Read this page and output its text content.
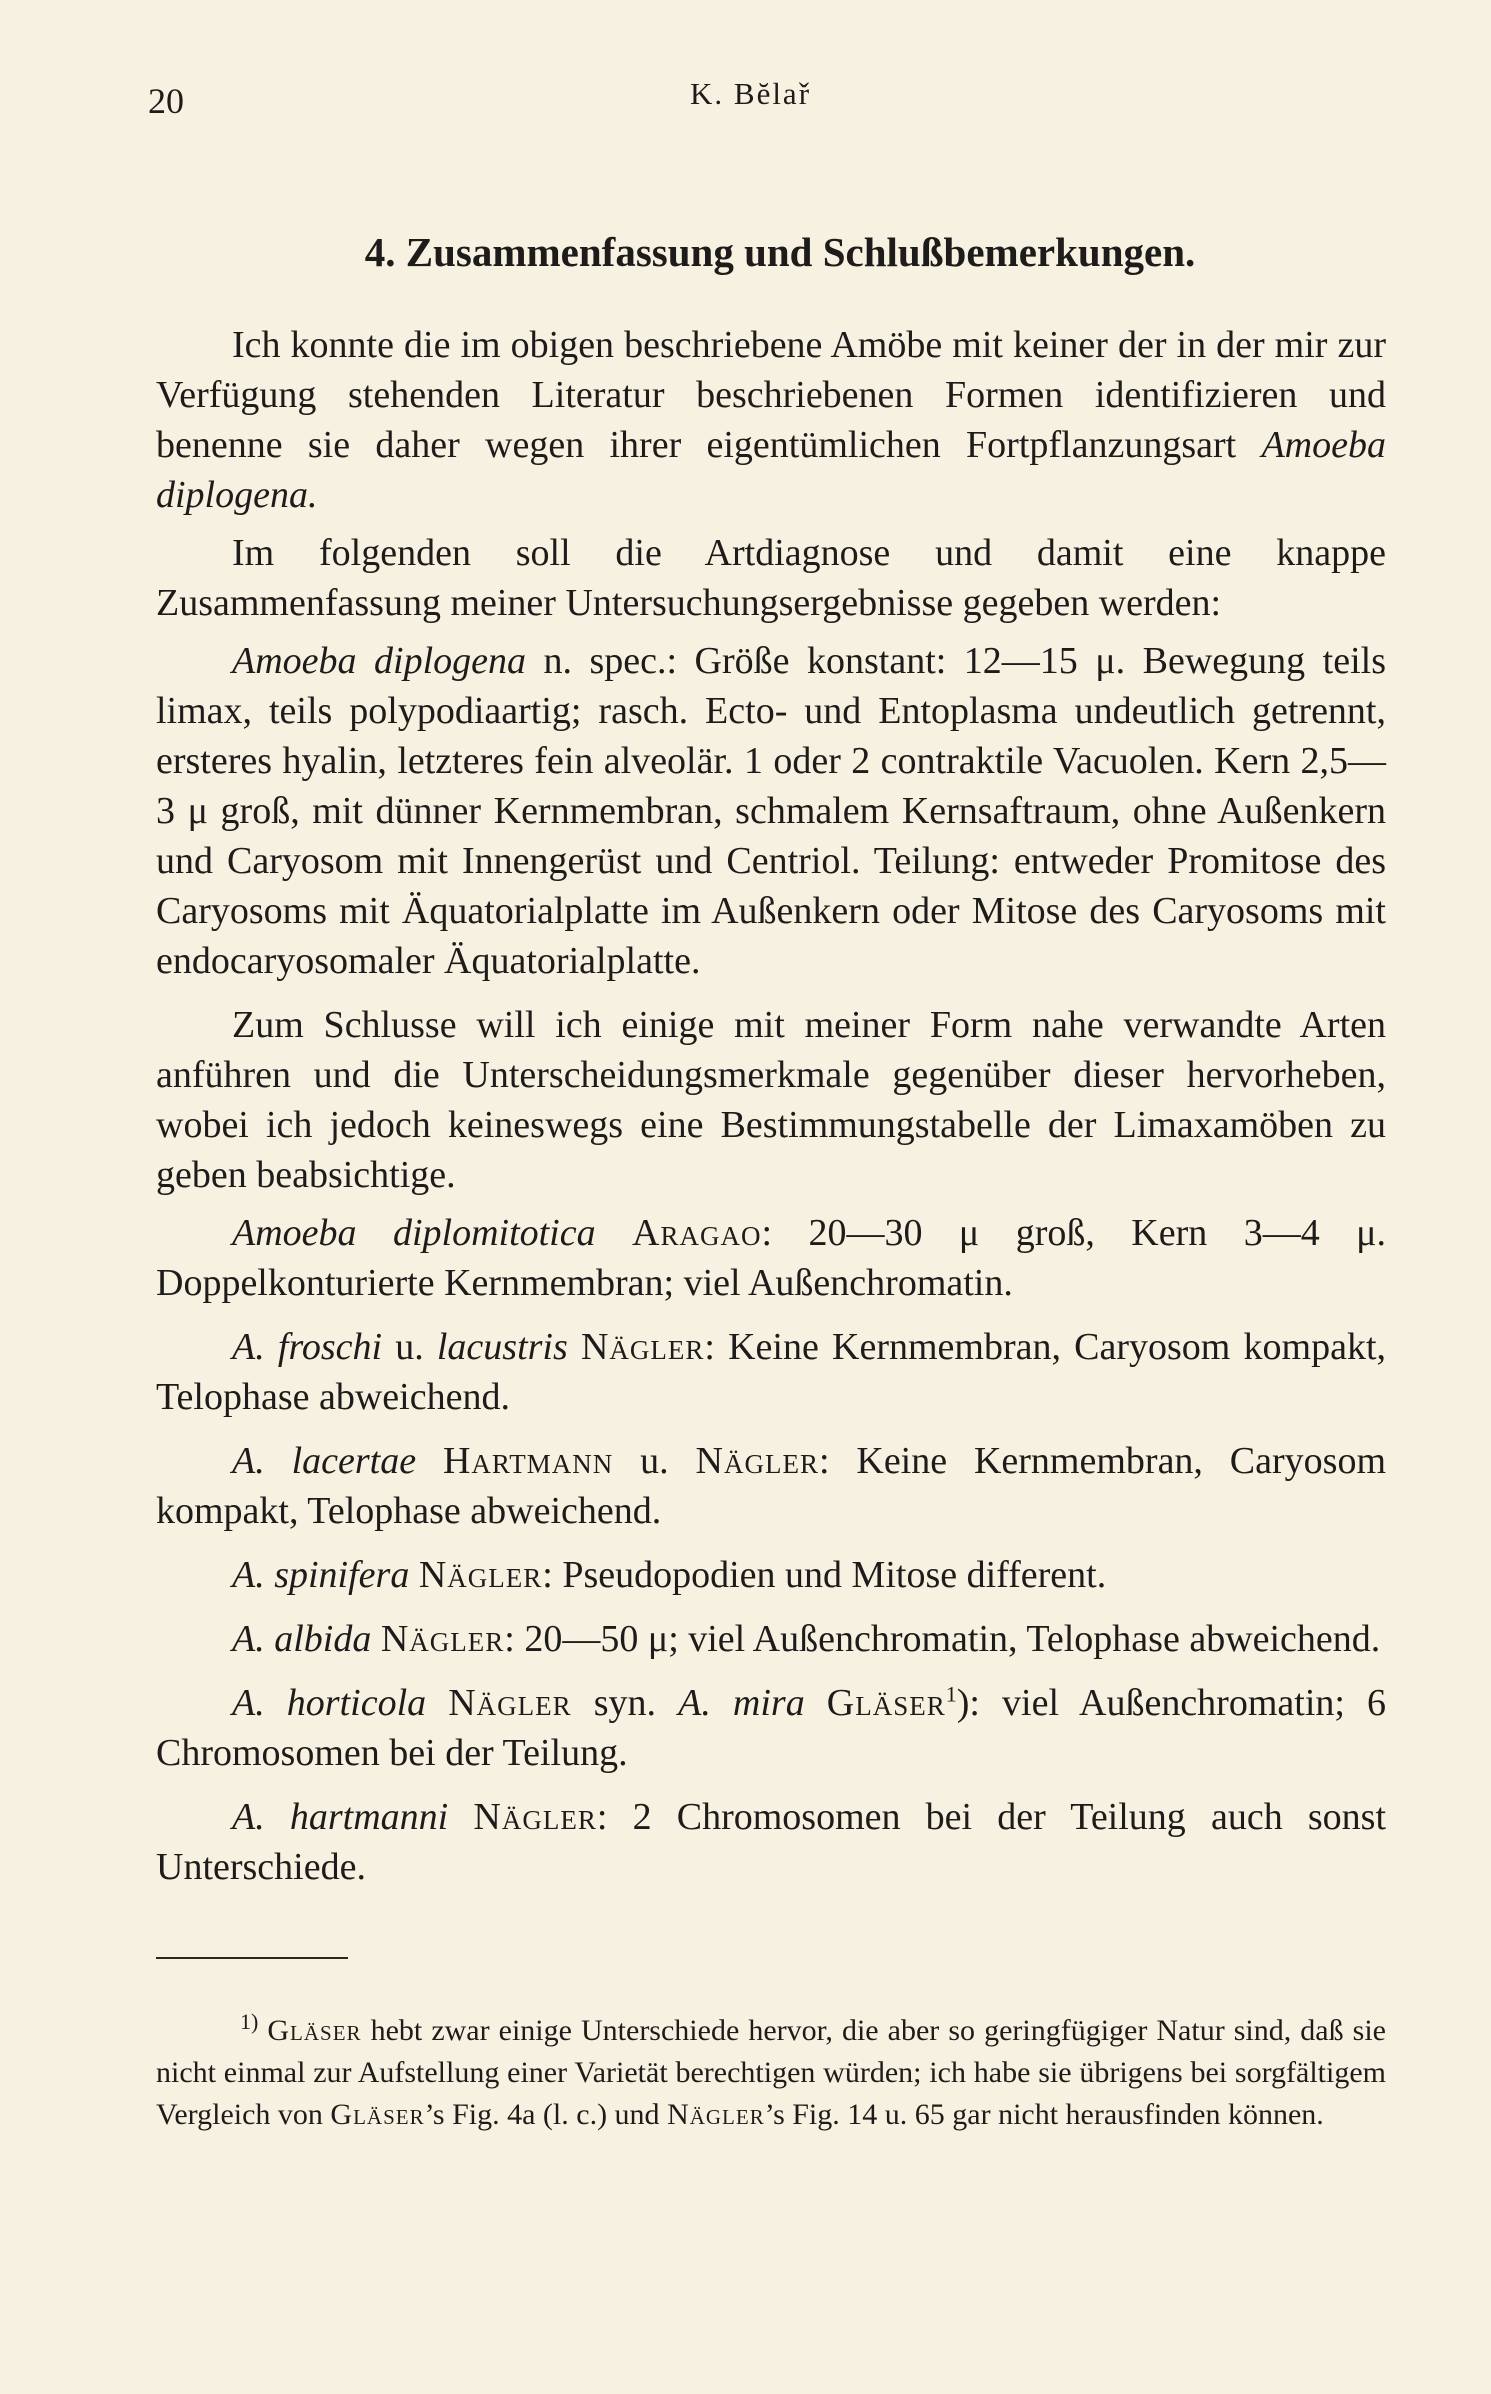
20	K. Bĕlař
4. Zusammenfassung und Schlußbemerkungen.

Ich konnte die im obigen beschriebene Amöbe mit keiner der in der mir zur Verfügung stehenden Literatur beschriebenen Formen identifizieren und benenne sie daher wegen ihrer eigentümlichen Fortpflanzungsart Amoeba diplogena.

Im folgenden soll die Artdiagnose und damit eine knappe Zusammenfassung meiner Untersuchungsergebnisse gegeben werden:

Amoeba diplogena n. spec.: Größe konstant: 12—15 μ. Bewegung teils limax, teils polypodiaartig; rasch. Ecto- und Entoplasma undeutlich getrennt, ersteres hyalin, letzteres fein alveolär. 1 oder 2 contraktile Vacuolen. Kern 2,5—3 μ groß, mit dünner Kernmembran, schmalem Kernsaftraum, ohne Außenkern und Caryosom mit Innengerüst und Centriol. Teilung: entweder Promitose des Caryosoms mit Äquatorialplatte im Außenkern oder Mitose des Caryosoms mit endocaryosomaler Äquatorialplatte.

Zum Schlusse will ich einige mit meiner Form nahe verwandte Arten anführen und die Unterscheidungsmerkmale gegenüber dieser hervorheben, wobei ich jedoch keineswegs eine Bestimmungstabelle der Limaxamöben zu geben beabsichtige.

Amoeba diplomitotica Aragao: 20—30 μ groß, Kern 3—4 μ. Doppelkonturierte Kernmembran; viel Außenchromatin.

A. froschi u. lacustris Nägler: Keine Kernmembran, Caryosom kompakt, Telophase abweichend.

A. lacertae Hartmann u. Nägler: Keine Kernmembran, Caryosom kompakt, Telophase abweichend.

A. spinifera Nägler: Pseudopodien und Mitose different.

A. albida Nägler: 20—50 μ; viel Außenchromatin, Telophase abweichend.

A. horticola Nägler syn. A. mira Gläser$^1$): viel Außenchromatin; 6 Chromosomen bei der Teilung.

A. hartmanni Nägler: 2 Chromosomen bei der Teilung auch sonst Unterschiede.

$^{1)}$ Gläser hebt zwar einige Unterschiede hervor, die aber so geringfügiger Natur sind, daß sie nicht einmal zur Aufstellung einer Varietät berechtigen würden; ich habe sie übrigens bei sorgfältigem Vergleich von Gläser’s Fig. 4a (l. c.) und Nägler’s Fig. 14 u. 65 gar nicht herausfinden können.
